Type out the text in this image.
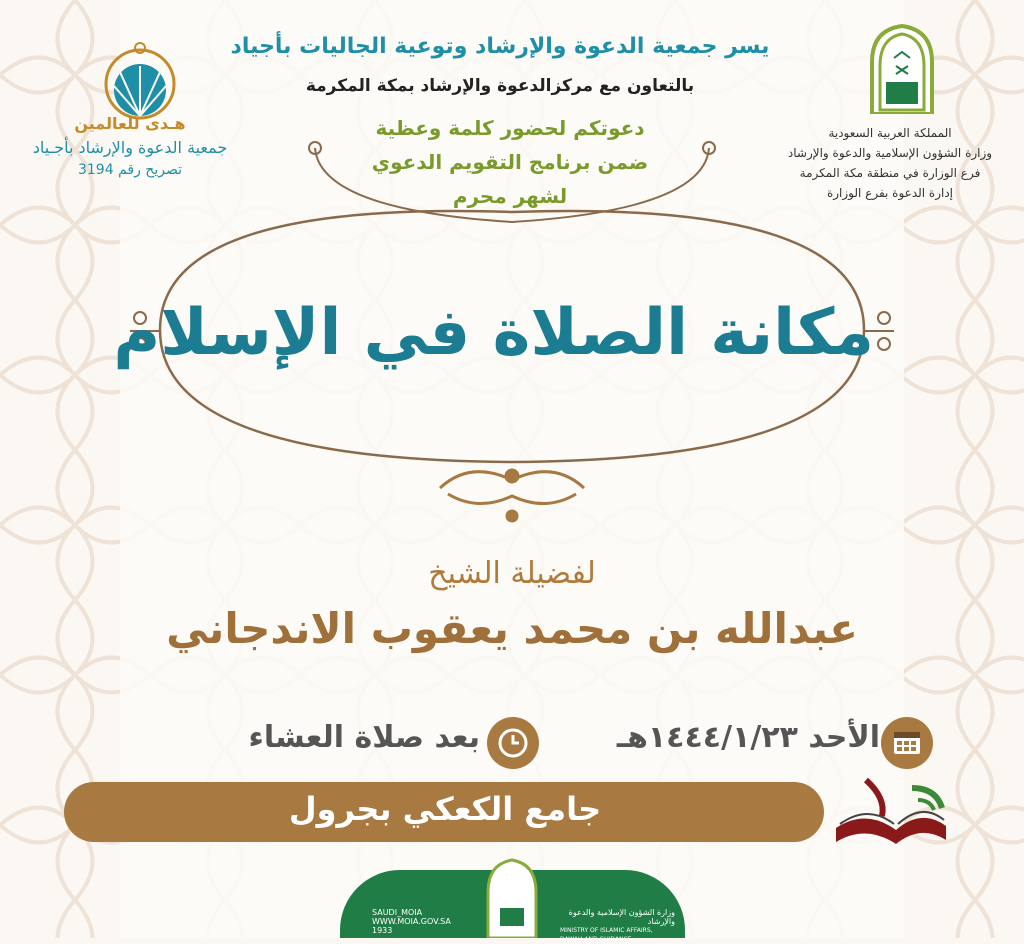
هـدى للعالمين
جمعية الدعوة والإرشاد بأجـياد
تصريح رقم 3194
المملكة العربية السعودية
وزارة الشؤون الإسلامية والدعوة والإرشاد
فرع الوزارة في منطقة مكة المكرمة
إدارة الدعوة بفرع الوزارة
يسر جمعية الدعوة والإرشاد وتوعية الجاليات بأجياد
بالتعاون مع مركزالدعوة والإرشاد بمكة المكرمة
دعوتكم لحضور كلمة وعظية
ضمن برنامج التقويم الدعوي
لشهر محرم
مكانة الصلاة في الإسلام
لفضيلة الشيخ
عبدالله بن محمد يعقوب الاندجاني
الأحد ١٤٤٤/١/٢٣هـ
بعد صلاة العشاء
جامع الكعكي بجرول
SAUDI_MOIA
WWW.MOIA.GOV.SA
1933
وزارة الشؤون الإسلامية والدعوة والإرشاد
MINISTRY OF ISLAMIC AFFAIRS, DAWAH AND GUIDANCE
